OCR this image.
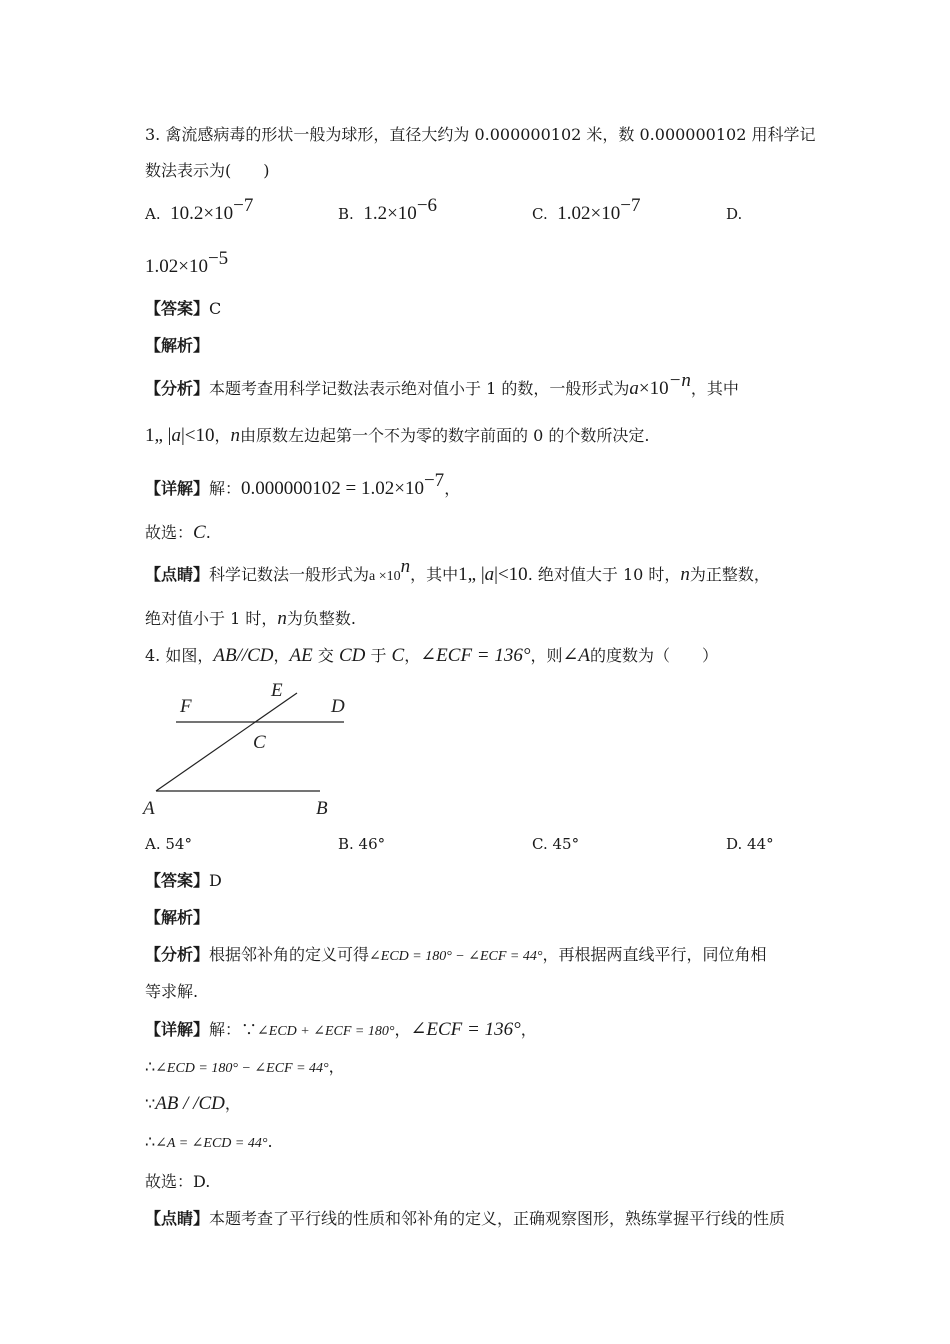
3. 禽流感病毒的形状一般为球形，直径大约为 0.000000102 米，数 0.000000102 用科学记
数法表示为(　　)
A. $10.2\times 10^{-7}$	B. $1.2\times 10^{-6}$	C. $1.02\times 10^{-7}$	D.
$1.02\times 10^{-5}$
【答案】C
【解析】
【分析】本题考查用科学记数法表示绝对值小于 1 的数，一般形式为$a\times 10^{-n}$，其中
1„ |a|<10，n由原数左边起第一个不为零的数字前面的 0 的个数所决定.
【详解】解：$0.000000102 = 1.02\times 10^{-7}$，
故选：C.
【点睛】科学记数法一般形式为$a \times 10^n$，其中1„ |a|<10. 绝对值大于 10 时，n为正整数，
绝对值小于 1 时，n为负整数.
4. 如图，AB//CD，AE 交 CD 于 C，∠ECF = 136°，则∠A的度数为（　　）
E
F	D
C
A	B
A. 54°	B. 46°	C. 45°	D. 44°
【答案】D
【解析】
【分析】根据邻补角的定义可得∠ECD = 180° − ∠ECF = 44°，再根据两直线平行，同位角相
等求解.
【详解】解：∵∠ECD + ∠ECF = 180°，∠ECF = 136°，
∴∠ECD = 180° − ∠ECF = 44°，
∵AB / /CD，
∴∠A = ∠ECD = 44°.
故选：D.
【点睛】本题考查了平行线的性质和邻补角的定义，正确观察图形，熟练掌握平行线的性质
